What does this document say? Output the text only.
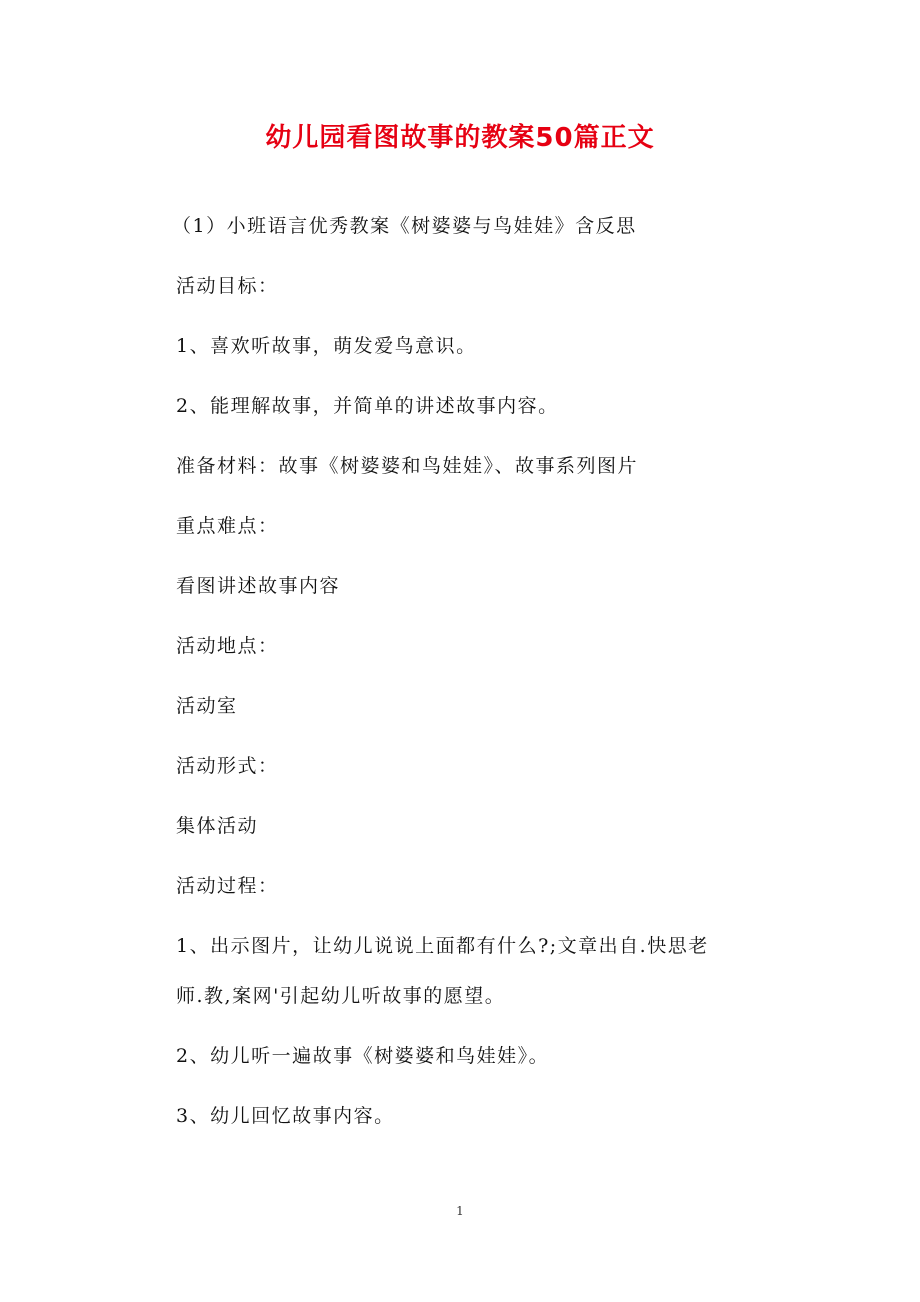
幼儿园看图故事的教案50篇正文
（1）小班语言优秀教案《树婆婆与鸟娃娃》含反思
活动目标：
1、喜欢听故事，萌发爱鸟意识。
2、能理解故事，并简单的讲述故事内容。
准备材料：故事《树婆婆和鸟娃娃》、故事系列图片
重点难点：
看图讲述故事内容
活动地点：
活动室
活动形式：
集体活动
活动过程：
1、出示图片，让幼儿说说上面都有什么?;文章出自.快思老
师.教,案网'引起幼儿听故事的愿望。
2、幼儿听一遍故事《树婆婆和鸟娃娃》。
3、幼儿回忆故事内容。
1
